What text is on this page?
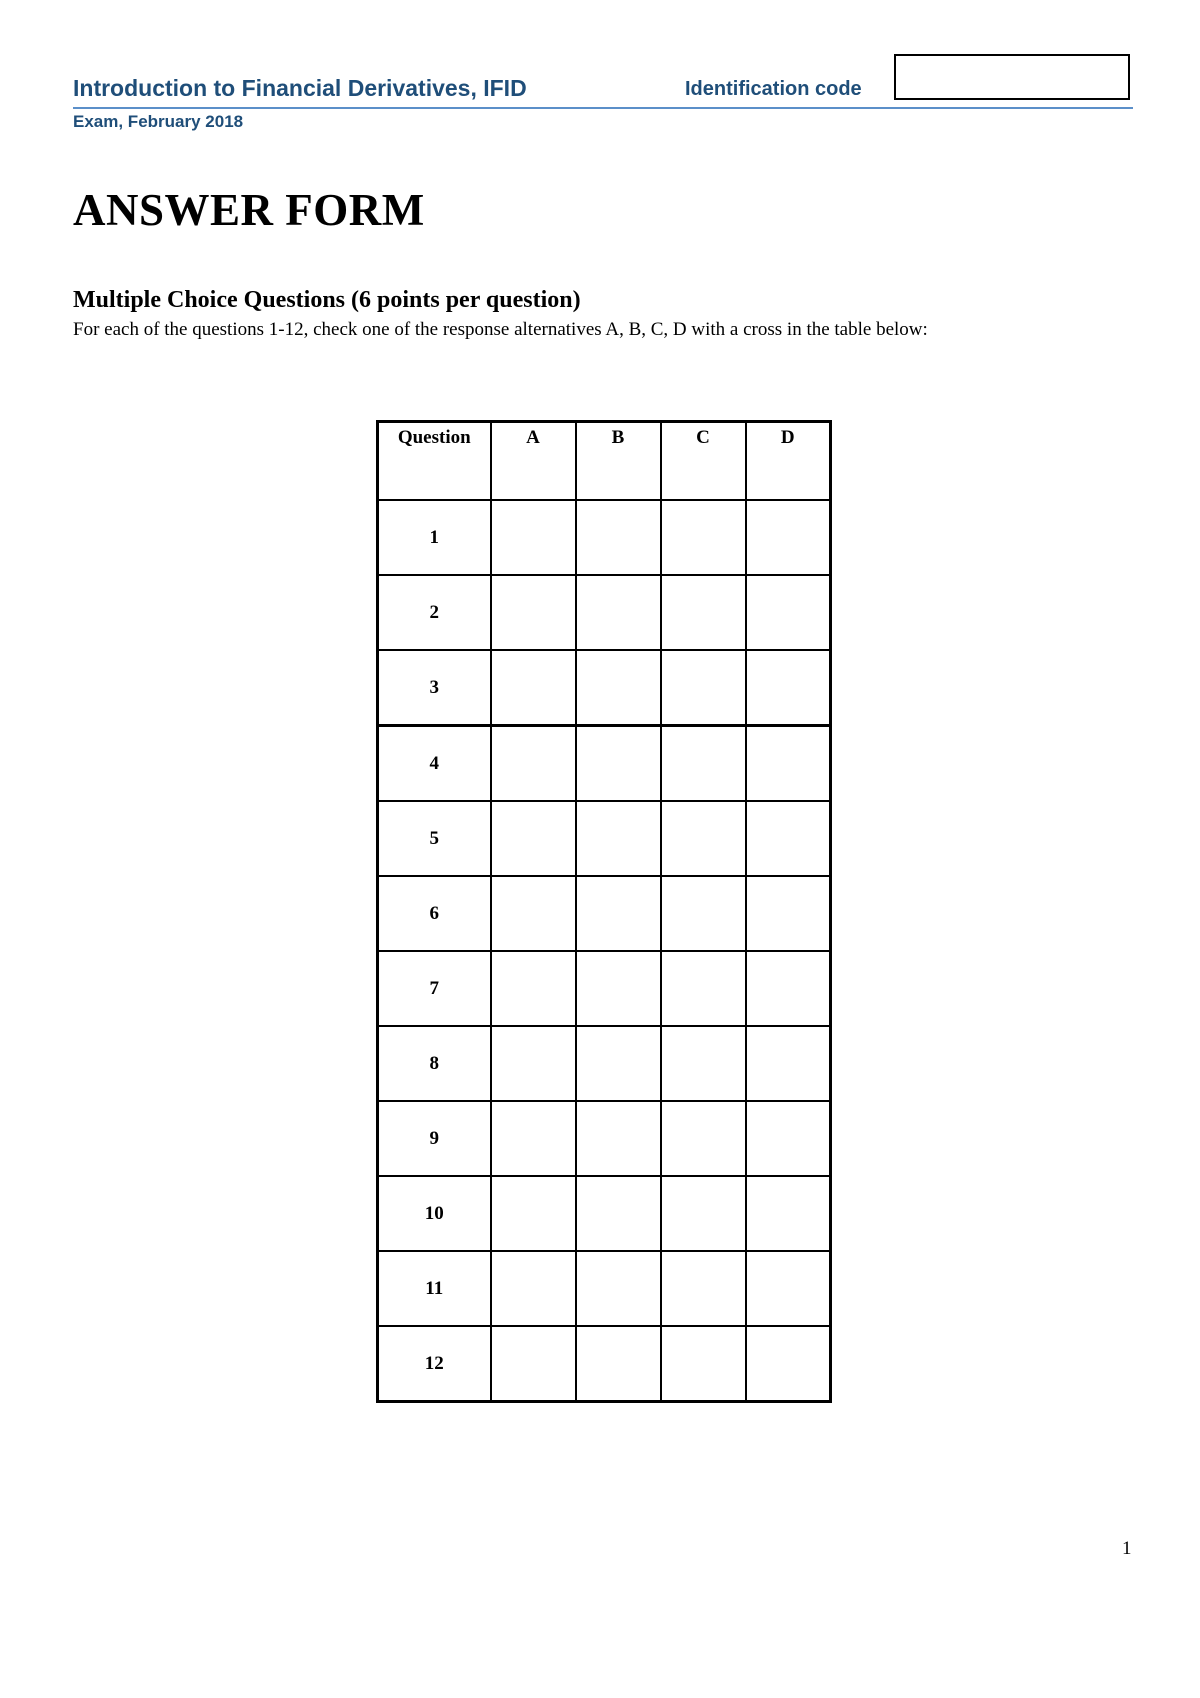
Introduction to Financial Derivatives, IFID	Identification code
Exam, February 2018
ANSWER FORM
Multiple Choice Questions (6 points per question)
For each of the questions 1-12, check one of the response alternatives A, B, C, D with a cross in the table below:
Question	A	B	C	D
1				
2				
3				
4				
5				
6				
7				
8				
9				
10				
11				
12				
1
